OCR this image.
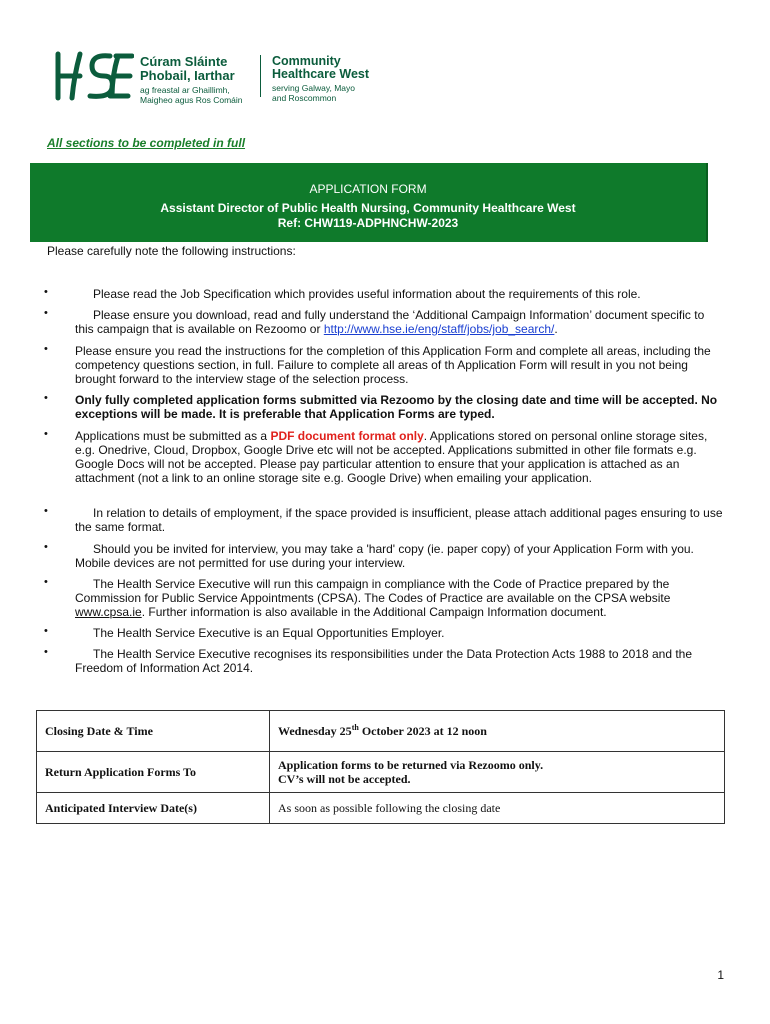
Cúram Sláinte
Phobail, Iarthar
ag freastal ar Ghaillimh,
Maigheo agus Ros Comáin
Community
Healthcare West
serving Galway, Mayo
and Roscommon
All sections to be completed in full
APPLICATION FORM
Assistant Director of Public Health Nursing, Community Healthcare West
Ref: CHW119-ADPHNCHW-2023
Please carefully note the following instructions:
•	Please read the Job Specification which provides useful information about the requirements of this role.
•	Please ensure you download, read and fully understand the ‘Additional Campaign Information’ document specific to this campaign that is available on Rezoomo or http://www.hse.ie/eng/staff/jobs/job_search/.
• Please ensure you read the instructions for the completion of this Application Form and complete all areas, including the competency questions section, in full. Failure to complete all areas of th Application Form will result in you not being brought forward to the interview stage of the selection process.
• Only fully completed application forms submitted via Rezoomo by the closing date and time will be accepted. No exceptions will be made. It is preferable that Application Forms are typed.
• Applications must be submitted as a PDF document format only. Applications stored on personal online storage sites, e.g. Onedrive, Cloud, Dropbox, Google Drive etc will not be accepted. Applications submitted in other file formats e.g. Google Docs will not be accepted. Please pay particular attention to ensure that your application is attached as an attachment (not a link to an online storage site e.g. Google Drive) when emailing your application.
•	In relation to details of employment, if the space provided is insufficient, please attach additional pages ensuring to use the same format.
•	Should you be invited for interview, you may take a 'hard' copy (ie. paper copy) of your Application Form with you. Mobile devices are not permitted for use during your interview.
•	The Health Service Executive will run this campaign in compliance with the Code of Practice prepared by the Commission for Public Service Appointments (CPSA). The Codes of Practice are available on the CPSA website www.cpsa.ie. Further information is also available in the Additional Campaign Information document.
•	The Health Service Executive is an Equal Opportunities Employer.
•	The Health Service Executive recognises its responsibilities under the Data Protection Acts 1988 to 2018 and the Freedom of Information Act 2014.
Closing Date & Time	Wednesday 25th October 2023 at 12 noon
Return Application Forms To	Application forms to be returned via Rezoomo only.
CV’s will not be accepted.

Anticipated Interview Date(s)	As soon as possible following the closing date
1
